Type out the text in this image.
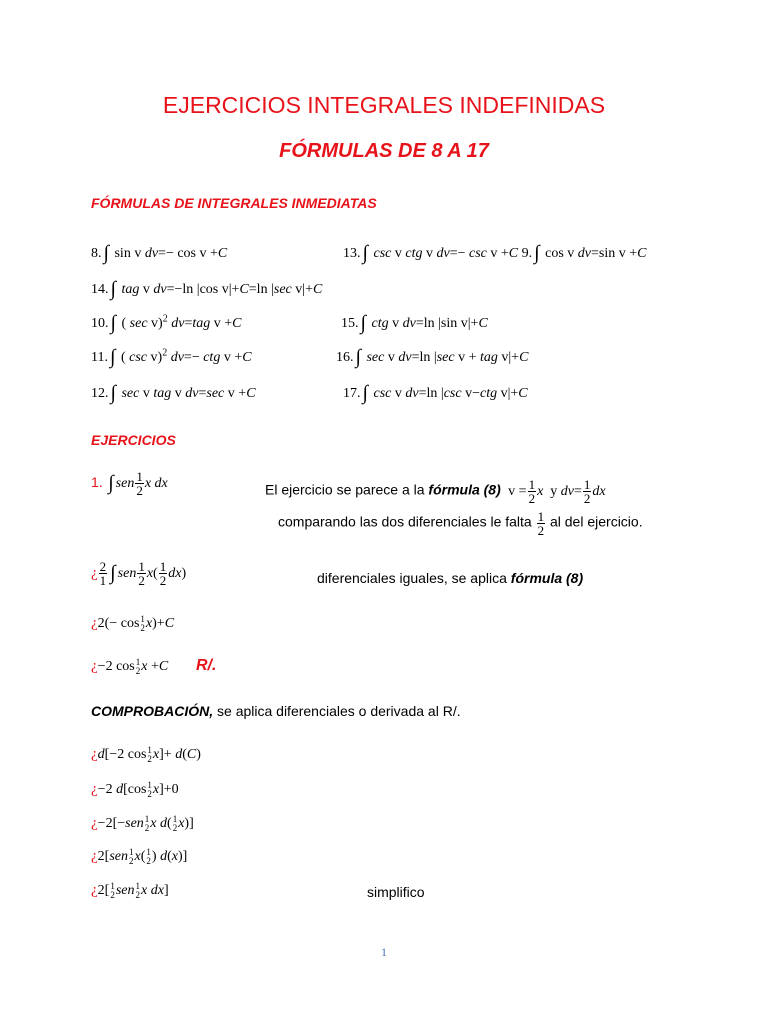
EJERCICIOS INTEGRALES INDEFINIDAS
FÓRMULAS DE 8 A 17
FÓRMULAS DE INTEGRALES INMEDIATAS
8. ∫ sin v dv=− cos v +C	13. ∫ csc v ctg v dv=− csc v +C 9. ∫ cos v dv=sin v +C
14. ∫ tag v dv=−ln |cos v|+C=ln |sec v|+C
10. ∫ ( sec v)$^2$ dv=tag v +C	15. ∫ ctg v dv=ln |sin v|+C
11. ∫ ( csc v)$^2$ dv=− ctg v +C	16. ∫ sec v dv=ln |sec v + tag v|+C
12. ∫ sec v tag v dv=sec v +C	17. ∫ csc v dv=ln |csc v−ctg v|+C
EJERCICIOS
1. ∫ sen $\frac{1}{2}$ x dx	El ejercicio se parece a la fórmula (8)  $v = \frac{1}{2}$ x  y $dv= \frac{1}{2}$ dx
comparando las dos diferenciales le falta $\frac{1}{2}$ al del ejercicio.
¿ $\frac{2}{1}$ ∫ sen $\frac{1}{2} x( \frac{1}{2} dx)$	diferenciales iguales, se aplica fórmula (8)
¿2(− cos 1
2 x)+C
¿−2 cos 1
2 x +C R/.
COMPROBACIÓN, se aplica diferenciales o derivada al R/.
¿d[−2 cos 1
2 x]+ d(C)
¿−2 d[cos 1
2 x]+0
¿−2[−sen 1
2 x d( 1
2 x)]
¿2[sen 1
2 x( 1
2 ) d(x)]
¿2[ 1
2 sen 1
2 x dx]	simplifico
1
